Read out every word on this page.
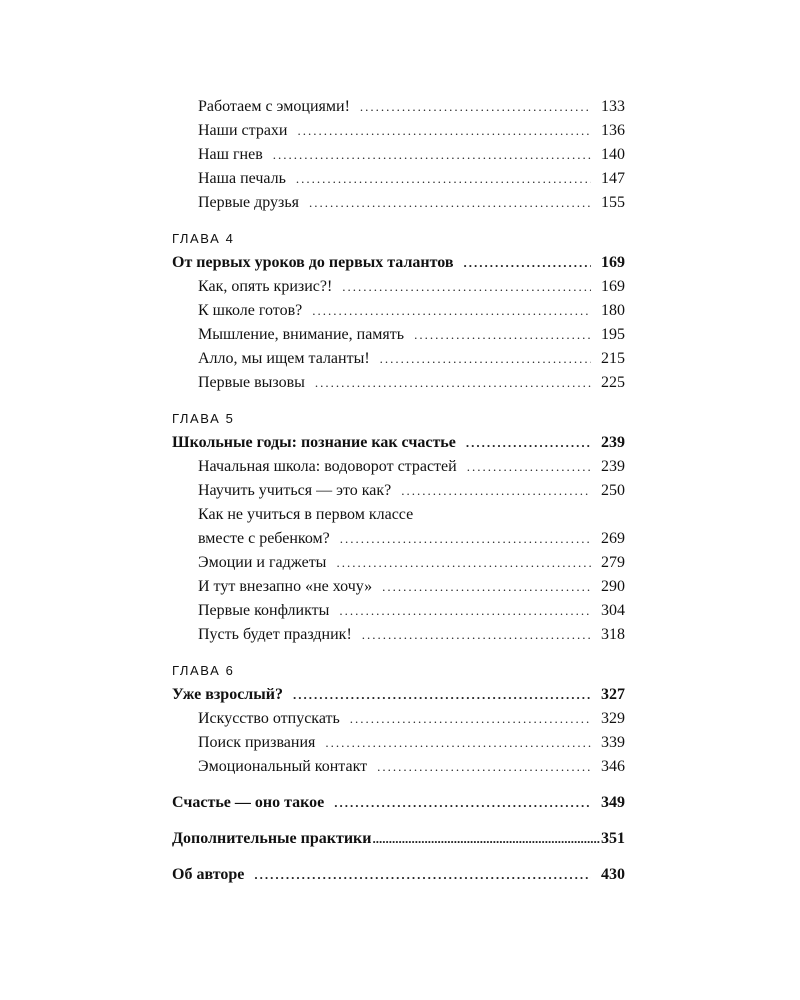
Работаем с эмоциями! .....	133
Наши страхи .....	136
Наш гнев .....	140
Наша печаль .....	147
Первые друзья .....	155
ГЛАВА 4
От первых уроков до первых талантов .....	169
Как, опять кризис?! .....	169
К школе готов? .....	180
Мышление, внимание, память .....	195
Алло, мы ищем таланты! .....	215
Первые вызовы .....	225
ГЛАВА 5
Школьные годы: познание как счастье .....	239
Начальная школа: водоворот страстей .....	239
Научить учиться — это как? .....	250
Как не учиться в первом классе
вместе с ребенком? .....	269
Эмоции и гаджеты .....	279
И тут внезапно «не хочу» .....	290
Первые конфликты .....	304
Пусть будет праздник! .....	318
ГЛАВА 6
Уже взрослый? .....	327
Искусство отпускать .....	329
Поиск призвания .....	339
Эмоциональный контакт .....	346
Счастье — оно такое .....	349
Дополнительные практики .....	351
Об авторе .....	430
